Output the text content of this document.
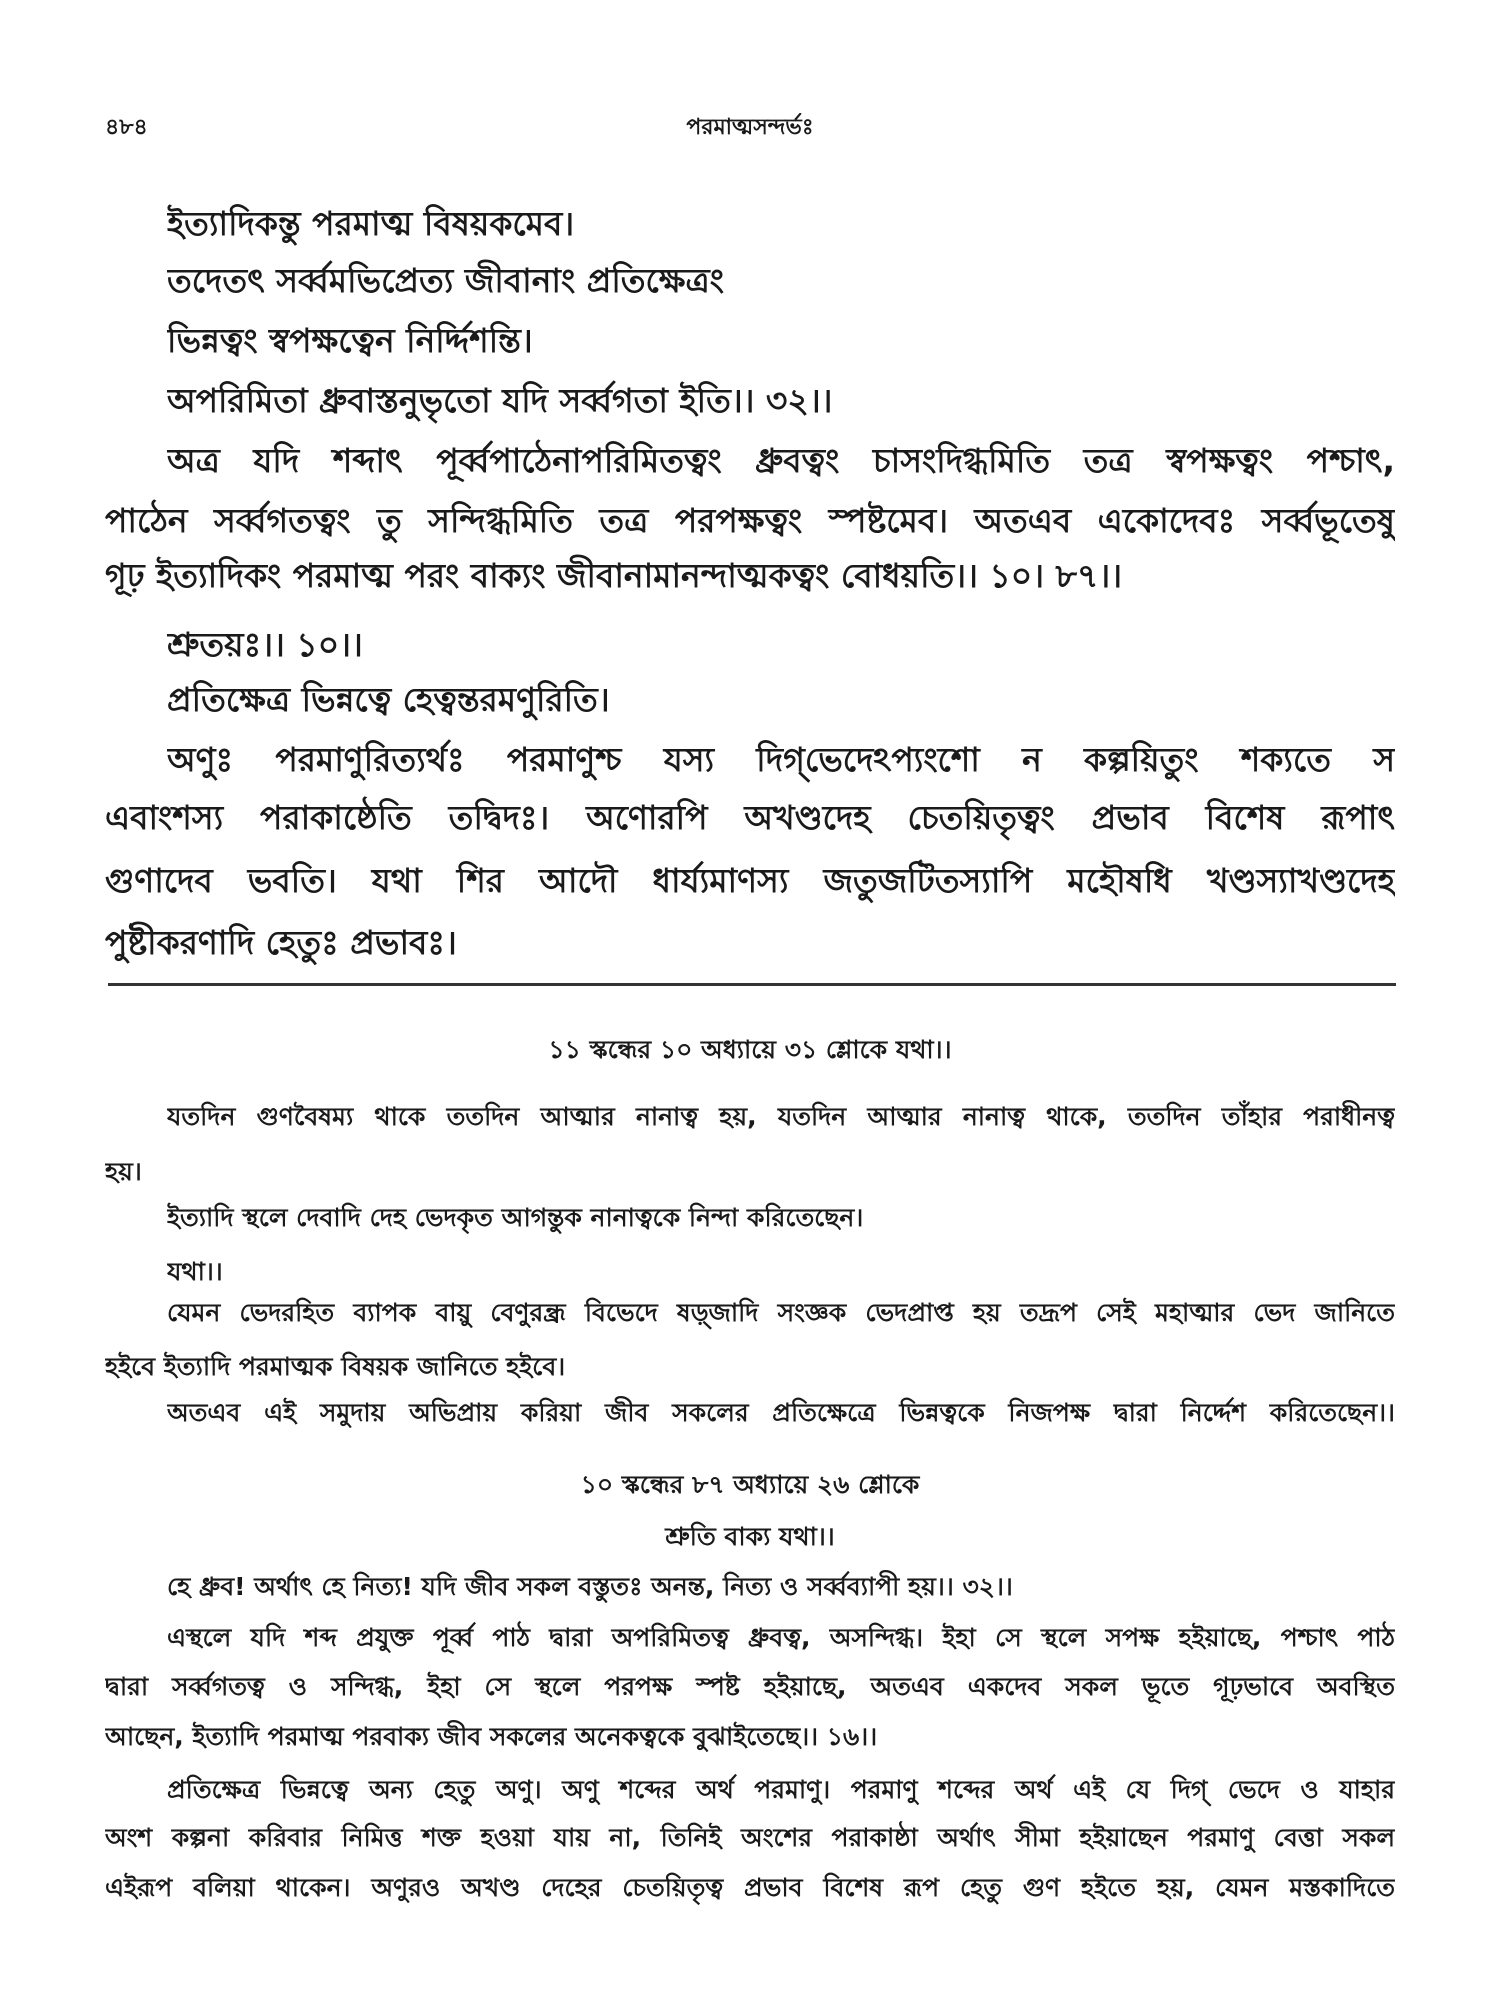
৪৮৪	পরমাত্মসন্দর্ভঃ
ইত্যাদিকন্তু পরমাত্ম বিষয়কমেব।
তদেতৎ সর্ব্বমভিপ্রেত্য জীবানাং প্রতিক্ষেত্রং
ভিন্নত্বং স্বপক্ষত্বেন নির্দ্দিশন্তি।
অপরিমিতা ধ্রুবাস্তনুভৃতো যদি সর্ব্বগতা ইতি।। ৩২।।
অত্র যদি শব্দাৎ পূর্ব্বপাঠেনাপরিমিতত্বং ধ্রুবত্বং চাসংদিগ্ধমিতি তত্র স্বপক্ষত্বং পশ্চাৎ,
পাঠেন সর্ব্বগতত্বং তু সন্দিগ্ধমিতি তত্র পরপক্ষত্বং স্পষ্টমেব। অতএব একোদেবঃ সর্ব্বভূতেষু
গূঢ় ইত্যাদিকং পরমাত্ম পরং বাক্যং জীবানামানন্দাত্মকত্বং বোধয়তি।। ১০। ৮৭।।
শ্রুতয়ঃ।। ১০।।
প্রতিক্ষেত্র ভিন্নত্বে হেত্বন্তরমণুরিতি।
অণুঃ পরমাণুরিত্যর্থঃ পরমাণুশ্চ যস্য দিগ্‌ভেদেঽপ্যংশো ন কল্পয়িতুং শক্যতে স
এবাংশস্য পরাকাষ্ঠেতি তদ্বিদঃ। অণোরপি অখণ্ডদেহ চেতয়িতৃত্বং প্রভাব বিশেষ রূপাৎ
গুণাদেব ভবতি। যথা শির আদৌ ধার্য্যমাণস্য জতুজটিতস্যাপি মহৌষধি খণ্ডস্যাখণ্ডদেহ
পুষ্টীকরণাদি হেতুঃ প্রভাবঃ।
১১ স্কন্ধের ১০ অধ্যায়ে ৩১ শ্লোকে যথা।।
যতদিন গুণবৈষম্য থাকে ততদিন আত্মার নানাত্ব হয়, যতদিন আত্মার নানাত্ব থাকে, ততদিন তাঁহার পরাধীনত্ব
হয়।
ইত্যাদি স্থলে দেবাদি দেহ ভেদকৃত আগন্তুক নানাত্বকে নিন্দা করিতেছেন।
যথা।।
যেমন ভেদরহিত ব্যাপক বায়ু বেণুরন্ধ্র বিভেদে ষড়্জাদি সংজ্ঞক ভেদপ্রাপ্ত হয় তদ্রূপ সেই মহাত্মার ভেদ জানিতে
হইবে ইত্যাদি পরমাত্মক বিষয়ক জানিতে হইবে।
অতএব এই সমুদায় অভিপ্রায় করিয়া জীব সকলের প্রতিক্ষেত্রে ভিন্নত্বকে নিজপক্ষ দ্বারা নির্দ্দেশ করিতেছেন।।
১০ স্কন্ধের ৮৭ অধ্যায়ে ২৬ শ্লোকে
শ্রুতি বাক্য যথা।।
হে ধ্রুব! অর্থাৎ হে নিত্য! যদি জীব সকল বস্তুতঃ অনন্ত, নিত্য ও সর্ব্বব্যাপী হয়।। ৩২।।
এস্থলে যদি শব্দ প্রযুক্ত পূর্ব্ব পাঠ দ্বারা অপরিমিতত্ব ধ্রুবত্ব, অসন্দিগ্ধ। ইহা সে স্থলে সপক্ষ হইয়াছে, পশ্চাৎ পাঠ
দ্বারা সর্ব্বগতত্ব ও সন্দিগ্ধ, ইহা সে স্থলে পরপক্ষ স্পষ্ট হইয়াছে, অতএব একদেব সকল ভূতে গূঢ়ভাবে অবস্থিত
আছেন, ইত্যাদি পরমাত্ম পরবাক্য জীব সকলের অনেকত্বকে বুঝাইতেছে।। ১৬।।
প্রতিক্ষেত্র ভিন্নত্বে অন্য হেতু অণু। অণু শব্দের অর্থ পরমাণু। পরমাণু শব্দের অর্থ এই যে দিগ্ ভেদে ও যাহার
অংশ কল্পনা করিবার নিমিত্ত শক্ত হওয়া যায় না, তিনিই অংশের পরাকাষ্ঠা অর্থাৎ সীমা হইয়াছেন পরমাণু বেত্তা সকল
এইরূপ বলিয়া থাকেন। অণুরও অখণ্ড দেহের চেতয়িতৃত্ব প্রভাব বিশেষ রূপ হেতু গুণ হইতে হয়, যেমন মস্তকাদিতে
